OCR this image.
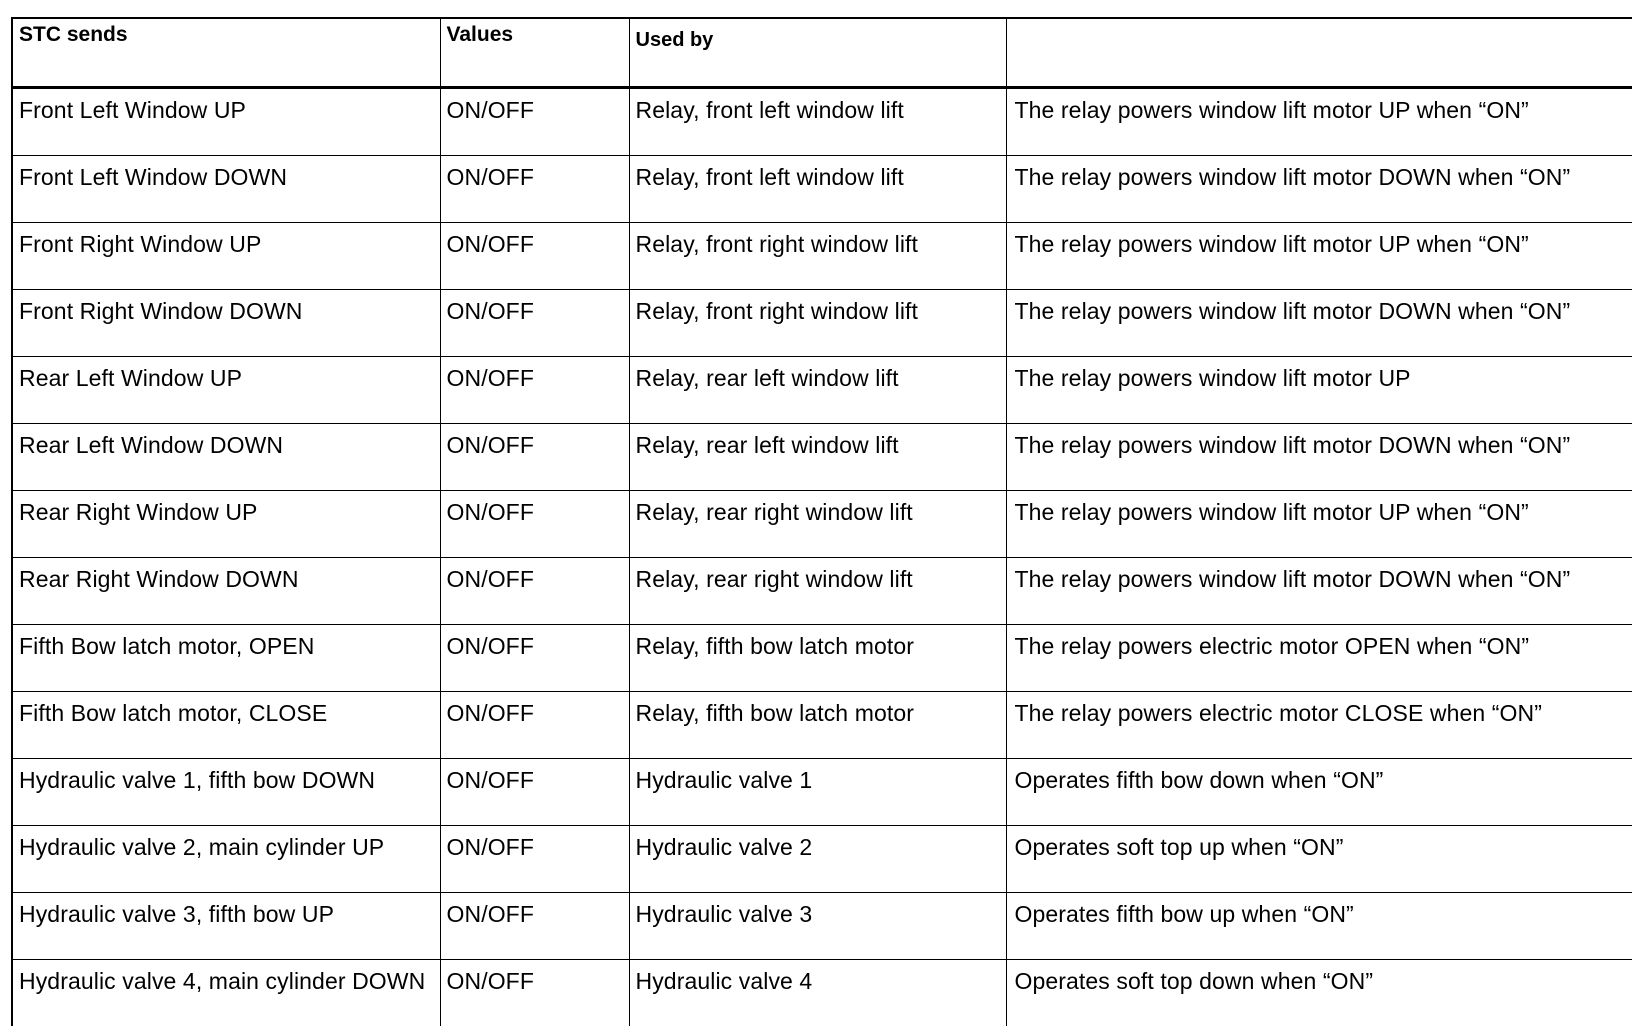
STC sends	Values	Used by	
Front Left Window UP	ON/OFF	Relay, front left window lift	The relay powers window lift motor UP when “ON”
Front Left Window DOWN	ON/OFF	Relay, front left window lift	The relay powers window lift motor DOWN when “ON”
Front Right Window UP	ON/OFF	Relay, front right window lift	The relay powers window lift motor UP when “ON”
Front Right Window DOWN	ON/OFF	Relay, front right window lift	The relay powers window lift motor DOWN when “ON”
Rear Left Window UP	ON/OFF	Relay, rear left window lift	The relay powers window lift motor UP
Rear Left Window DOWN	ON/OFF	Relay, rear left window lift	The relay powers window lift motor DOWN when “ON”
Rear Right Window UP	ON/OFF	Relay, rear right window lift	The relay powers window lift motor UP when “ON”
Rear Right Window DOWN	ON/OFF	Relay, rear right window lift	The relay powers window lift motor DOWN when “ON”
Fifth Bow latch motor, OPEN	ON/OFF	Relay, fifth bow latch motor	The relay powers electric motor OPEN when “ON”
Fifth Bow latch motor, CLOSE	ON/OFF	Relay, fifth bow latch motor	The relay powers electric motor CLOSE when “ON”
Hydraulic valve 1, fifth bow DOWN	ON/OFF	Hydraulic valve 1	Operates fifth bow down when “ON”
Hydraulic valve 2, main cylinder UP	ON/OFF	Hydraulic valve 2	Operates soft top up when “ON”
Hydraulic valve 3, fifth bow UP	ON/OFF	Hydraulic valve 3	Operates fifth bow up when “ON”
Hydraulic valve 4, main cylinder DOWN	ON/OFF	Hydraulic valve 4	Operates soft top down when “ON”
